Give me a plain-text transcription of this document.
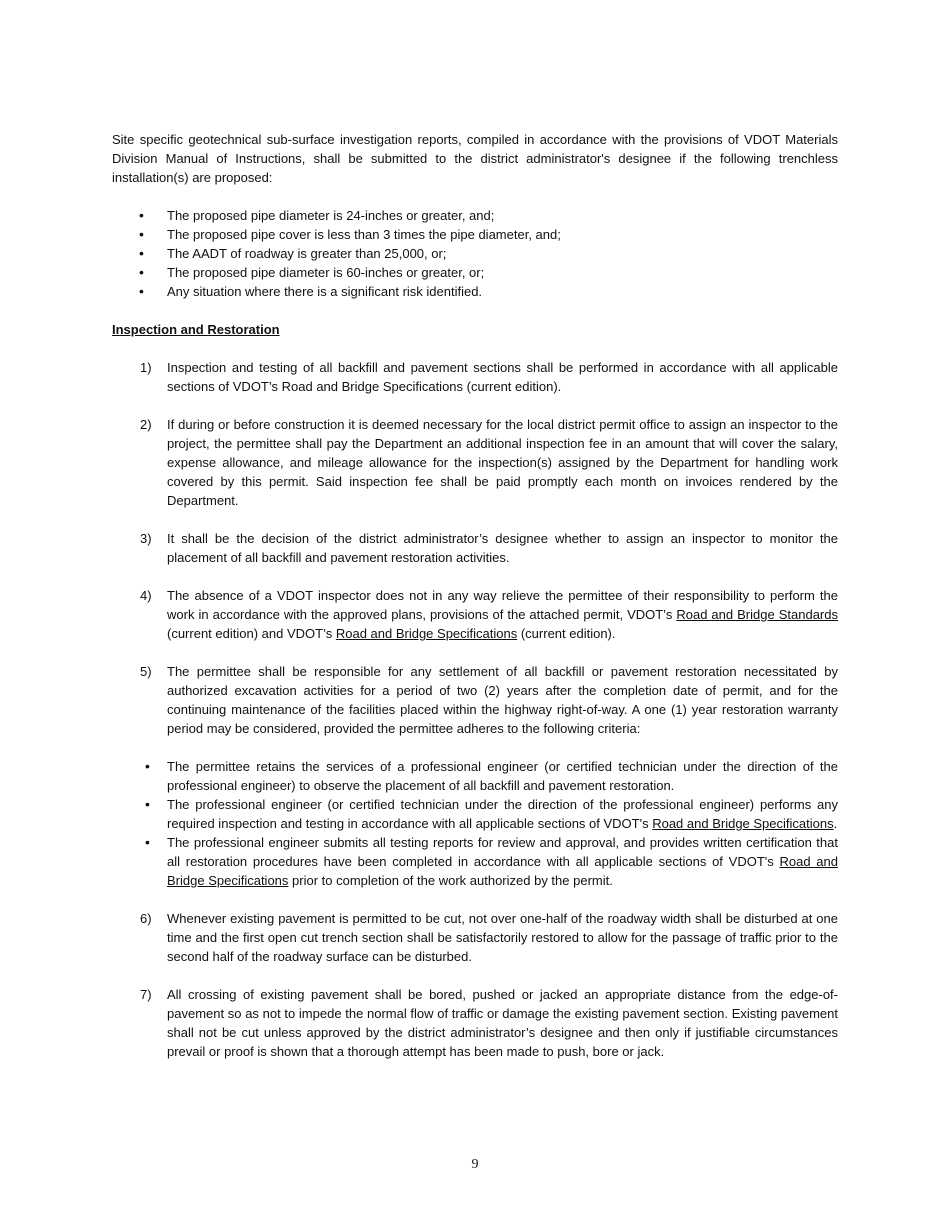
Site specific geotechnical sub-surface investigation reports, compiled in accordance with the provisions of VDOT Materials Division Manual of Instructions, shall be submitted to the district administrator's designee if the following trenchless installation(s) are proposed:

• The proposed pipe diameter is 24-inches or greater, and;
• The proposed pipe cover is less than 3 times the pipe diameter, and;
• The AADT of roadway is greater than 25,000, or;
• The proposed pipe diameter is 60-inches or greater, or;
• Any situation where there is a significant risk identified.
Inspection and Restoration
1) Inspection and testing of all backfill and pavement sections shall be performed in accordance with all applicable sections of VDOT’s Road and Bridge Specifications (current edition).

2) If during or before construction it is deemed necessary for the local district permit office to assign an inspector to the project, the permittee shall pay the Department an additional inspection fee in an amount that will cover the salary, expense allowance, and mileage allowance for the inspection(s) assigned by the Department for handling work covered by this permit. Said inspection fee shall be paid promptly each month on invoices rendered by the Department.

3) It shall be the decision of the district administrator’s designee whether to assign an inspector to monitor the placement of all backfill and pavement restoration activities.

4) The absence of a VDOT inspector does not in any way relieve the permittee of their responsibility to perform the work in accordance with the approved plans, provisions of the attached permit, VDOT’s Road and Bridge Standards (current edition) and VDOT’s Road and Bridge Specifications (current edition).

5) The permittee shall be responsible for any settlement of all backfill or pavement restoration necessitated by authorized excavation activities for a period of two (2) years after the completion date of permit, and for the continuing maintenance of the facilities placed within the highway right-of-way. A one (1) year restoration warranty period may be considered, provided the permittee adheres to the following criteria:

• The permittee retains the services of a professional engineer (or certified technician under the direction of the professional engineer) to observe the placement of all backfill and pavement restoration.

• The professional engineer (or certified technician under the direction of the professional engineer) performs any required inspection and testing in accordance with all applicable sections of VDOT's Road and Bridge Specifications.

• The professional engineer submits all testing reports for review and approval, and provides written certification that all restoration procedures have been completed in accordance with all applicable sections of VDOT's Road and Bridge Specifications prior to completion of the work authorized by the permit.

6) Whenever existing pavement is permitted to be cut, not over one-half of the roadway width shall be disturbed at one time and the first open cut trench section shall be satisfactorily restored to allow for the passage of traffic prior to the second half of the roadway surface can be disturbed.

7) All crossing of existing pavement shall be bored, pushed or jacked an appropriate distance from the edge-of-pavement so as not to impede the normal flow of traffic or damage the existing pavement section. Existing pavement shall not be cut unless approved by the district administrator’s designee and then only if justifiable circumstances prevail or proof is shown that a thorough attempt has been made to push, bore or jack.

9
